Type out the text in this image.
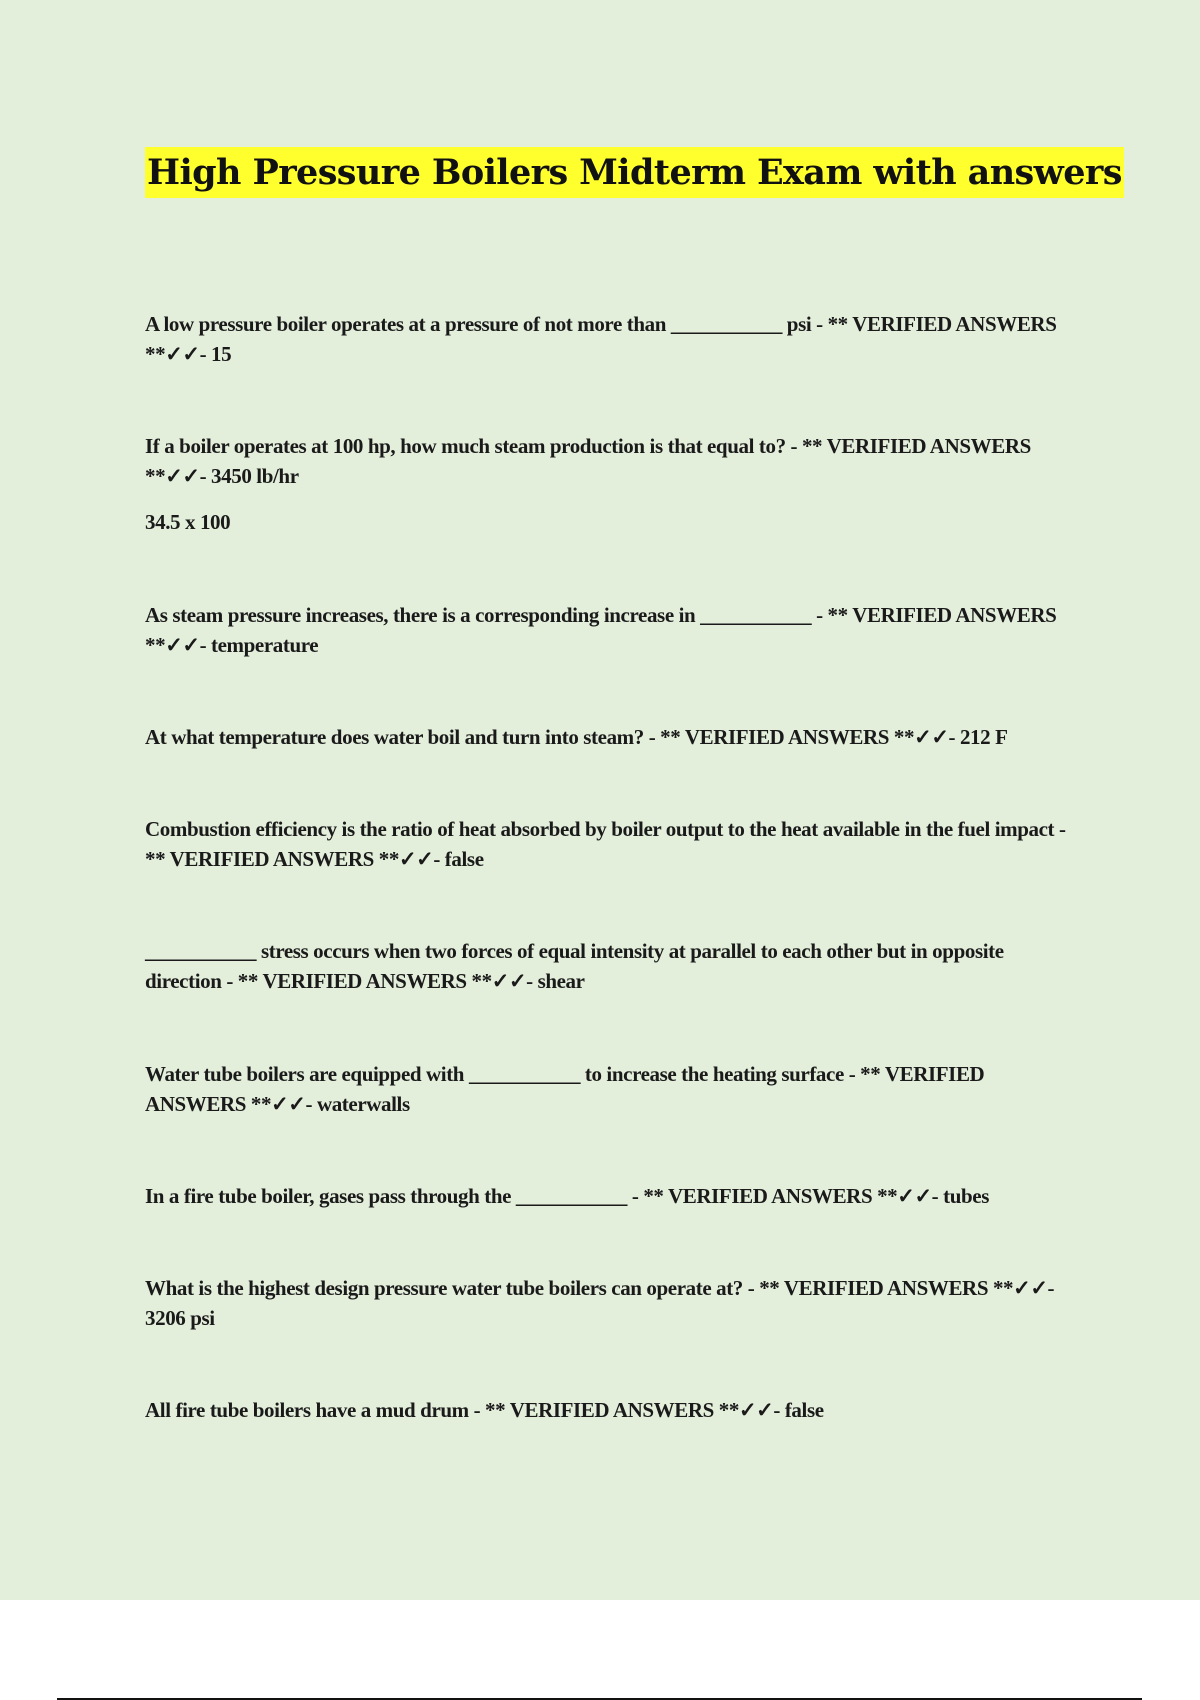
High Pressure Boilers Midterm Exam with answers

A low pressure boiler operates at a pressure of not more than ___________ psi - ** VERIFIED ANSWERS **✓✓- 15

If a boiler operates at 100 hp, how much steam production is that equal to? - ** VERIFIED ANSWERS **✓✓- 3450 lb/hr

34.5 x 100

As steam pressure increases, there is a corresponding increase in ___________ - ** VERIFIED ANSWERS **✓✓- temperature

At what temperature does water boil and turn into steam? - ** VERIFIED ANSWERS **✓✓- 212 F

Combustion efficiency is the ratio of heat absorbed by boiler output to the heat available in the fuel impact - ** VERIFIED ANSWERS **✓✓- false

___________ stress occurs when two forces of equal intensity at parallel to each other but in opposite direction - ** VERIFIED ANSWERS **✓✓- shear

Water tube boilers are equipped with ___________ to increase the heating surface - ** VERIFIED ANSWERS **✓✓- waterwalls

In a fire tube boiler, gases pass through the ___________ - ** VERIFIED ANSWERS **✓✓- tubes

What is the highest design pressure water tube boilers can operate at? - ** VERIFIED ANSWERS **✓✓- 3206 psi

All fire tube boilers have a mud drum - ** VERIFIED ANSWERS **✓✓- false
